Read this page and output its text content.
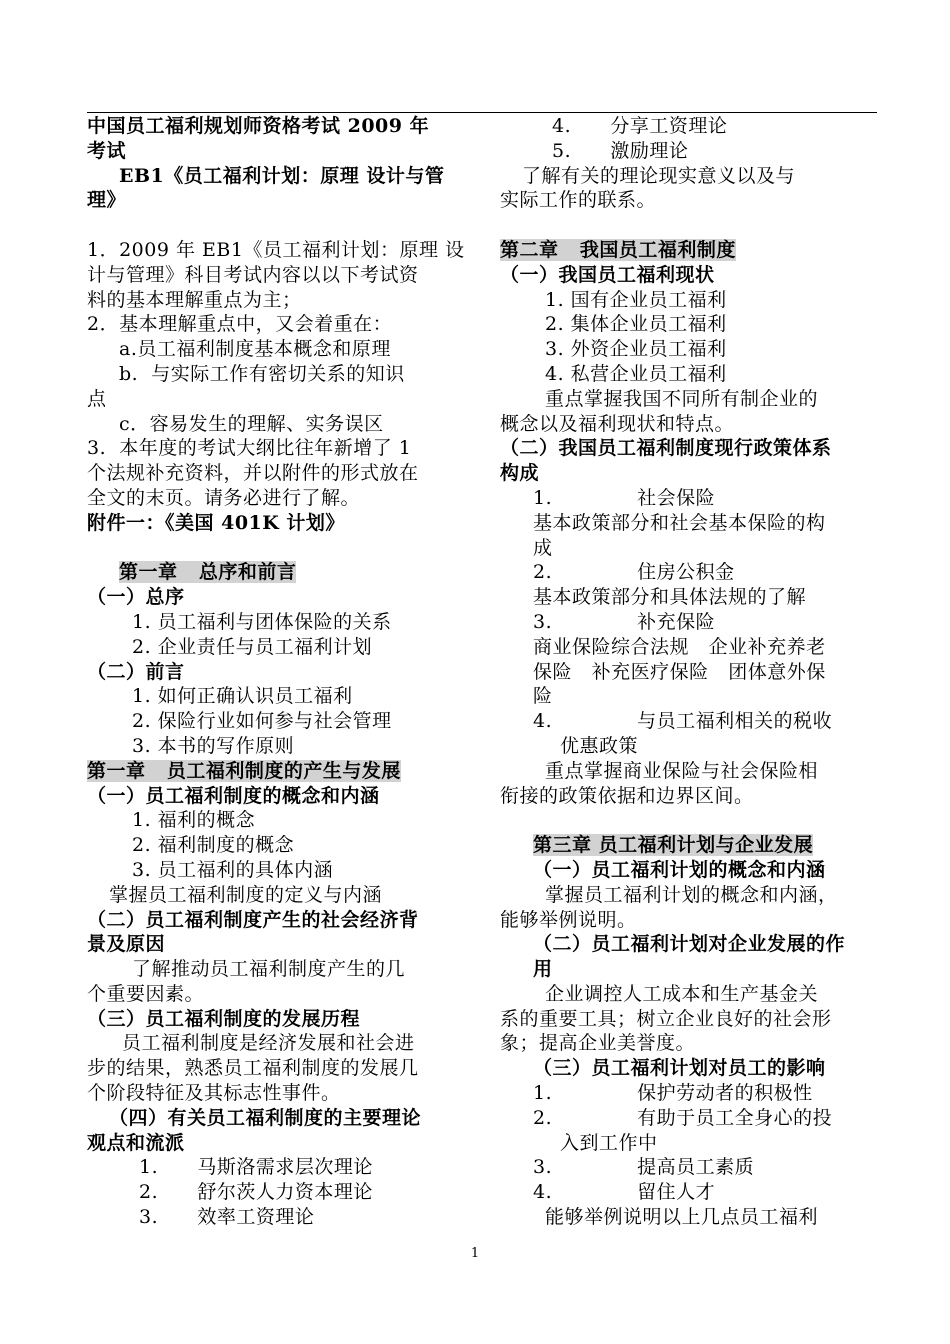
中国员工福利规划师资格考试 2009 年
考试
EB1《员工福利计划：原理 设计与管
理》
1．2009 年 EB1《员工福利计划：原理 设
计与管理》科目考试内容以以下考试资
料的基本理解重点为主；
2．基本理解重点中，又会着重在：
a.员工福利制度基本概念和原理
b.  与实际工作有密切关系的知识
点
c．容易发生的理解、实务误区
3.  本年度的考试大纲比往年新增了 1
个法规补充资料，并以附件的形式放在
全文的末页。请务必进行了解。
附件一：《美国 401K 计划》
第一章   总序和前言
（一）总序
1. 员工福利与团体保险的关系
2. 企业责任与员工福利计划
（二）前言
1. 如何正确认识员工福利
2. 保险行业如何参与社会管理
3. 本书的写作原则
第一章   员工福利制度的产生与发展
（一）员工福利制度的概念和内涵
1. 福利的概念
2. 福利制度的概念
3. 员工福利的具体内涵
掌握员工福利制度的定义与内涵
（二）员工福利制度产生的社会经济背
景及原因
了解推动员工福利制度产生的几
个重要因素。
（三）员工福利制度的发展历程
员工福利制度是经济发展和社会进
步的结果，熟悉员工福利制度的发展几
个阶段特征及其标志性事件。
（四）有关员工福利制度的主要理论
观点和流派
1.      马斯洛需求层次理论
2.      舒尔茨人力资本理论
3.      效率工资理论
4.      分享工资理论
5.      激励理论
了解有关的理论现实意义以及与
实际工作的联系。
第二章   我国员工福利制度
（一）我国员工福利现状
1. 国有企业员工福利
2. 集体企业员工福利
3. 外资企业员工福利
4. 私营企业员工福利
重点掌握我国不同所有制企业的
概念以及福利现状和特点。
（二）我国员工福利制度现行政策体系
构成
1.             社会保险
基本政策部分和社会基本保险的构
成
2.             住房公积金
基本政策部分和具体法规的了解
3.             补充保险
商业保险综合法规   企业补充养老
保险   补充医疗保险   团体意外保
险
4.             与员工福利相关的税收
优惠政策
重点掌握商业保险与社会保险相
衔接的政策依据和边界区间。
第三章 员工福利计划与企业发展
（一）员工福利计划的概念和内涵
掌握员工福利计划的概念和内涵，
能够举例说明。
（二）员工福利计划对企业发展的作
用
企业调控人工成本和生产基金关
系的重要工具；树立企业良好的社会形
象；提高企业美誉度。
（三）员工福利计划对员工的影响
1.             保护劳动者的积极性
2.             有助于员工全身心的投
入到工作中
3.             提高员工素质
4.             留住人才
能够举例说明以上几点员工福利
1
